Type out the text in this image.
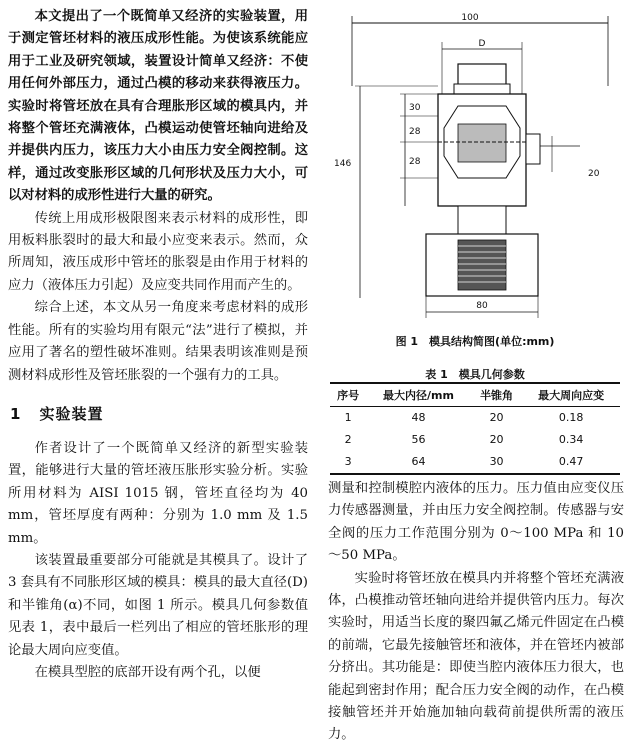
本文提出了一个既简单又经济的实验装置，用于测定管坯材料的液压成形性能。为使该系统能应用于工业及研究领域，装置设计简单又经济：不使用任何外部压力，通过凸模的移动来获得液压力。实验时将管坯放在具有合理胀形区域的模具内，并将整个管坯充满液体，凸模运动使管坯轴向进给及并提供内压力，该压力大小由压力安全阀控制。这样，通过改变胀形区域的几何形状及压力大小，可以对材料的成形性进行大量的研究。

传统上用成形极限图来表示材料的成形性，即用板料胀裂时的最大和最小应变来表示。然而，众所周知，液压成形中管坯的胀裂是由作用于材料的应力（液体压力引起）及应变共同作用而产生的。

综合上述，本文从另一角度来考虑材料的成形性能。所有的实验均用有限元“法”进行了模拟，并应用了著名的塑性破坏准则。结果表明该准则是预测材料成形性及管坯胀裂的一个强有力的工具。

1 实验装置

作者设计了一个既简单又经济的新型实验装置，能够进行大量的管坯液压胀形实验分析。实验所用材料为 AISI 1015 钢，管坯直径均为 40 mm，管坯厚度有两种：分别为 1.0 mm 及 1.5 mm。

该装置最重要部分可能就是其模具了。设计了 3 套具有不同胀形区域的模具：模具的最大直径(D)和半锥角(α)不同，如图 1 所示。模具几何参数值见表 1，表中最后一栏列出了相应的管坯胀形的理论最大周向应变值。

在模具型腔的底部开设有两个孔，以便

100
D
20
30
28
28
146
80
图 1　模具结构简图(单位:mm)
表 1　模具几何参数
序号	最大内径/mm	半锥角	最大周向应变
1	48	20	0.18
2	56	20	0.34
3	64	30	0.47

测量和控制模腔内液体的压力。压力值由应变仪压力传感器测量，并由压力安全阀控制。传感器与安全阀的压力工作范围分别为 0～100 MPa 和 10～50 MPa。

实验时将管坯放在模具内并将整个管坯充满液体，凸模推动管坯轴向进给并提供管内压力。每次实验时，用适当长度的聚四氟乙烯元件固定在凸模的前端，它最先接触管坯和液体，并在管坯内被部分挤出。其功能是：即使当腔内液体压力很大，也能起到密封作用；配合压力安全阀的动作，在凸模接触管坯并开始施加轴向载荷前提供所需的液压力。
